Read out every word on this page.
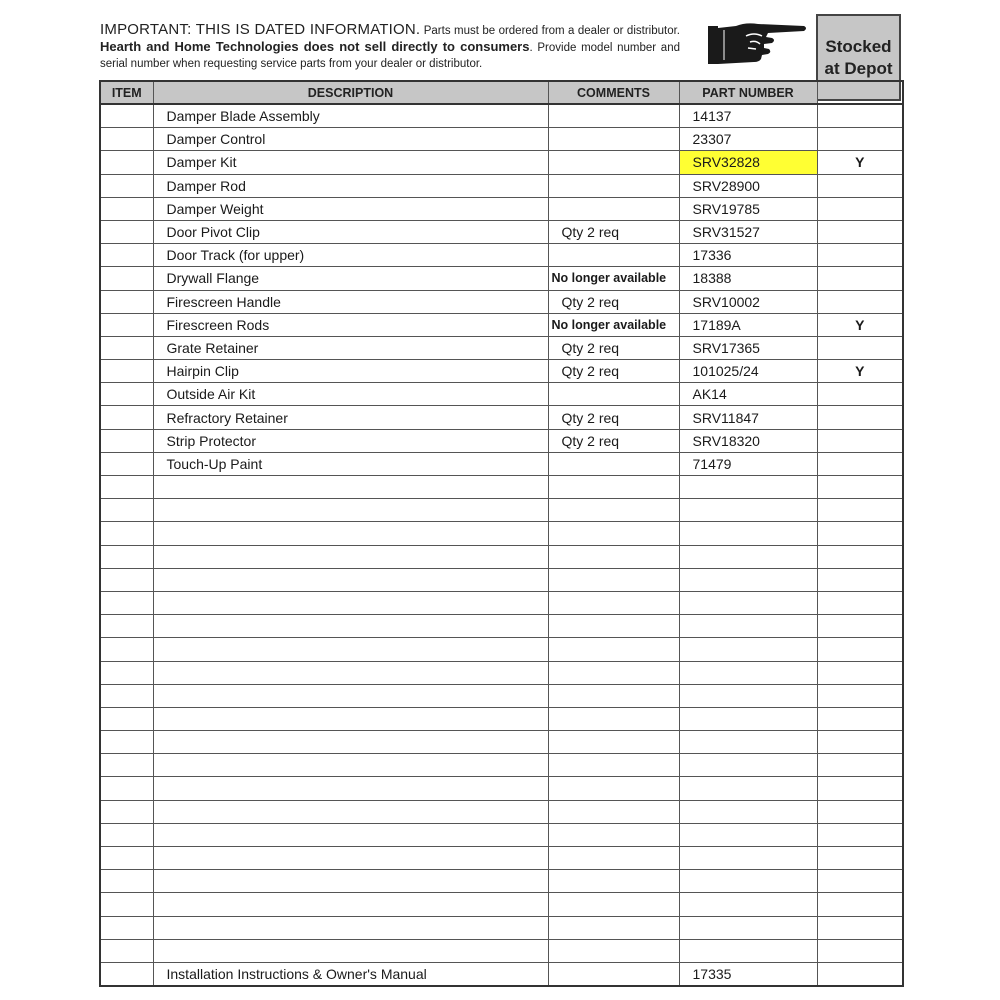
IMPORTANT: THIS IS DATED INFORMATION. Parts must be ordered from a dealer or distributor. Hearth and Home Technologies does not sell directly to consumers. Provide model number and serial number when requesting service parts from your dealer or distributor.
Stocked at Depot
ITEM	DESCRIPTION	COMMENTS	PART NUMBER	
	Damper Blade Assembly		14137	
	Damper Control		23307	
	Damper Kit		SRV32828	Y
	Damper Rod		SRV28900	
	Damper Weight		SRV19785	
	Door Pivot Clip	Qty 2 req	SRV31527	
	Door Track (for upper)		17336	
	Drywall Flange	No longer available	18388	
	Firescreen Handle	Qty 2 req	SRV10002	
	Firescreen Rods	No longer available	17189A	Y
	Grate Retainer	Qty 2 req	SRV17365	
	Hairpin Clip	Qty 2 req	101025/24	Y
	Outside Air Kit		AK14	
	Refractory Retainer	Qty 2 req	SRV11847	
	Strip Protector	Qty 2 req	SRV18320	
	Touch-Up Paint		71479	

	Installation Instructions & Owner's Manual		17335	
